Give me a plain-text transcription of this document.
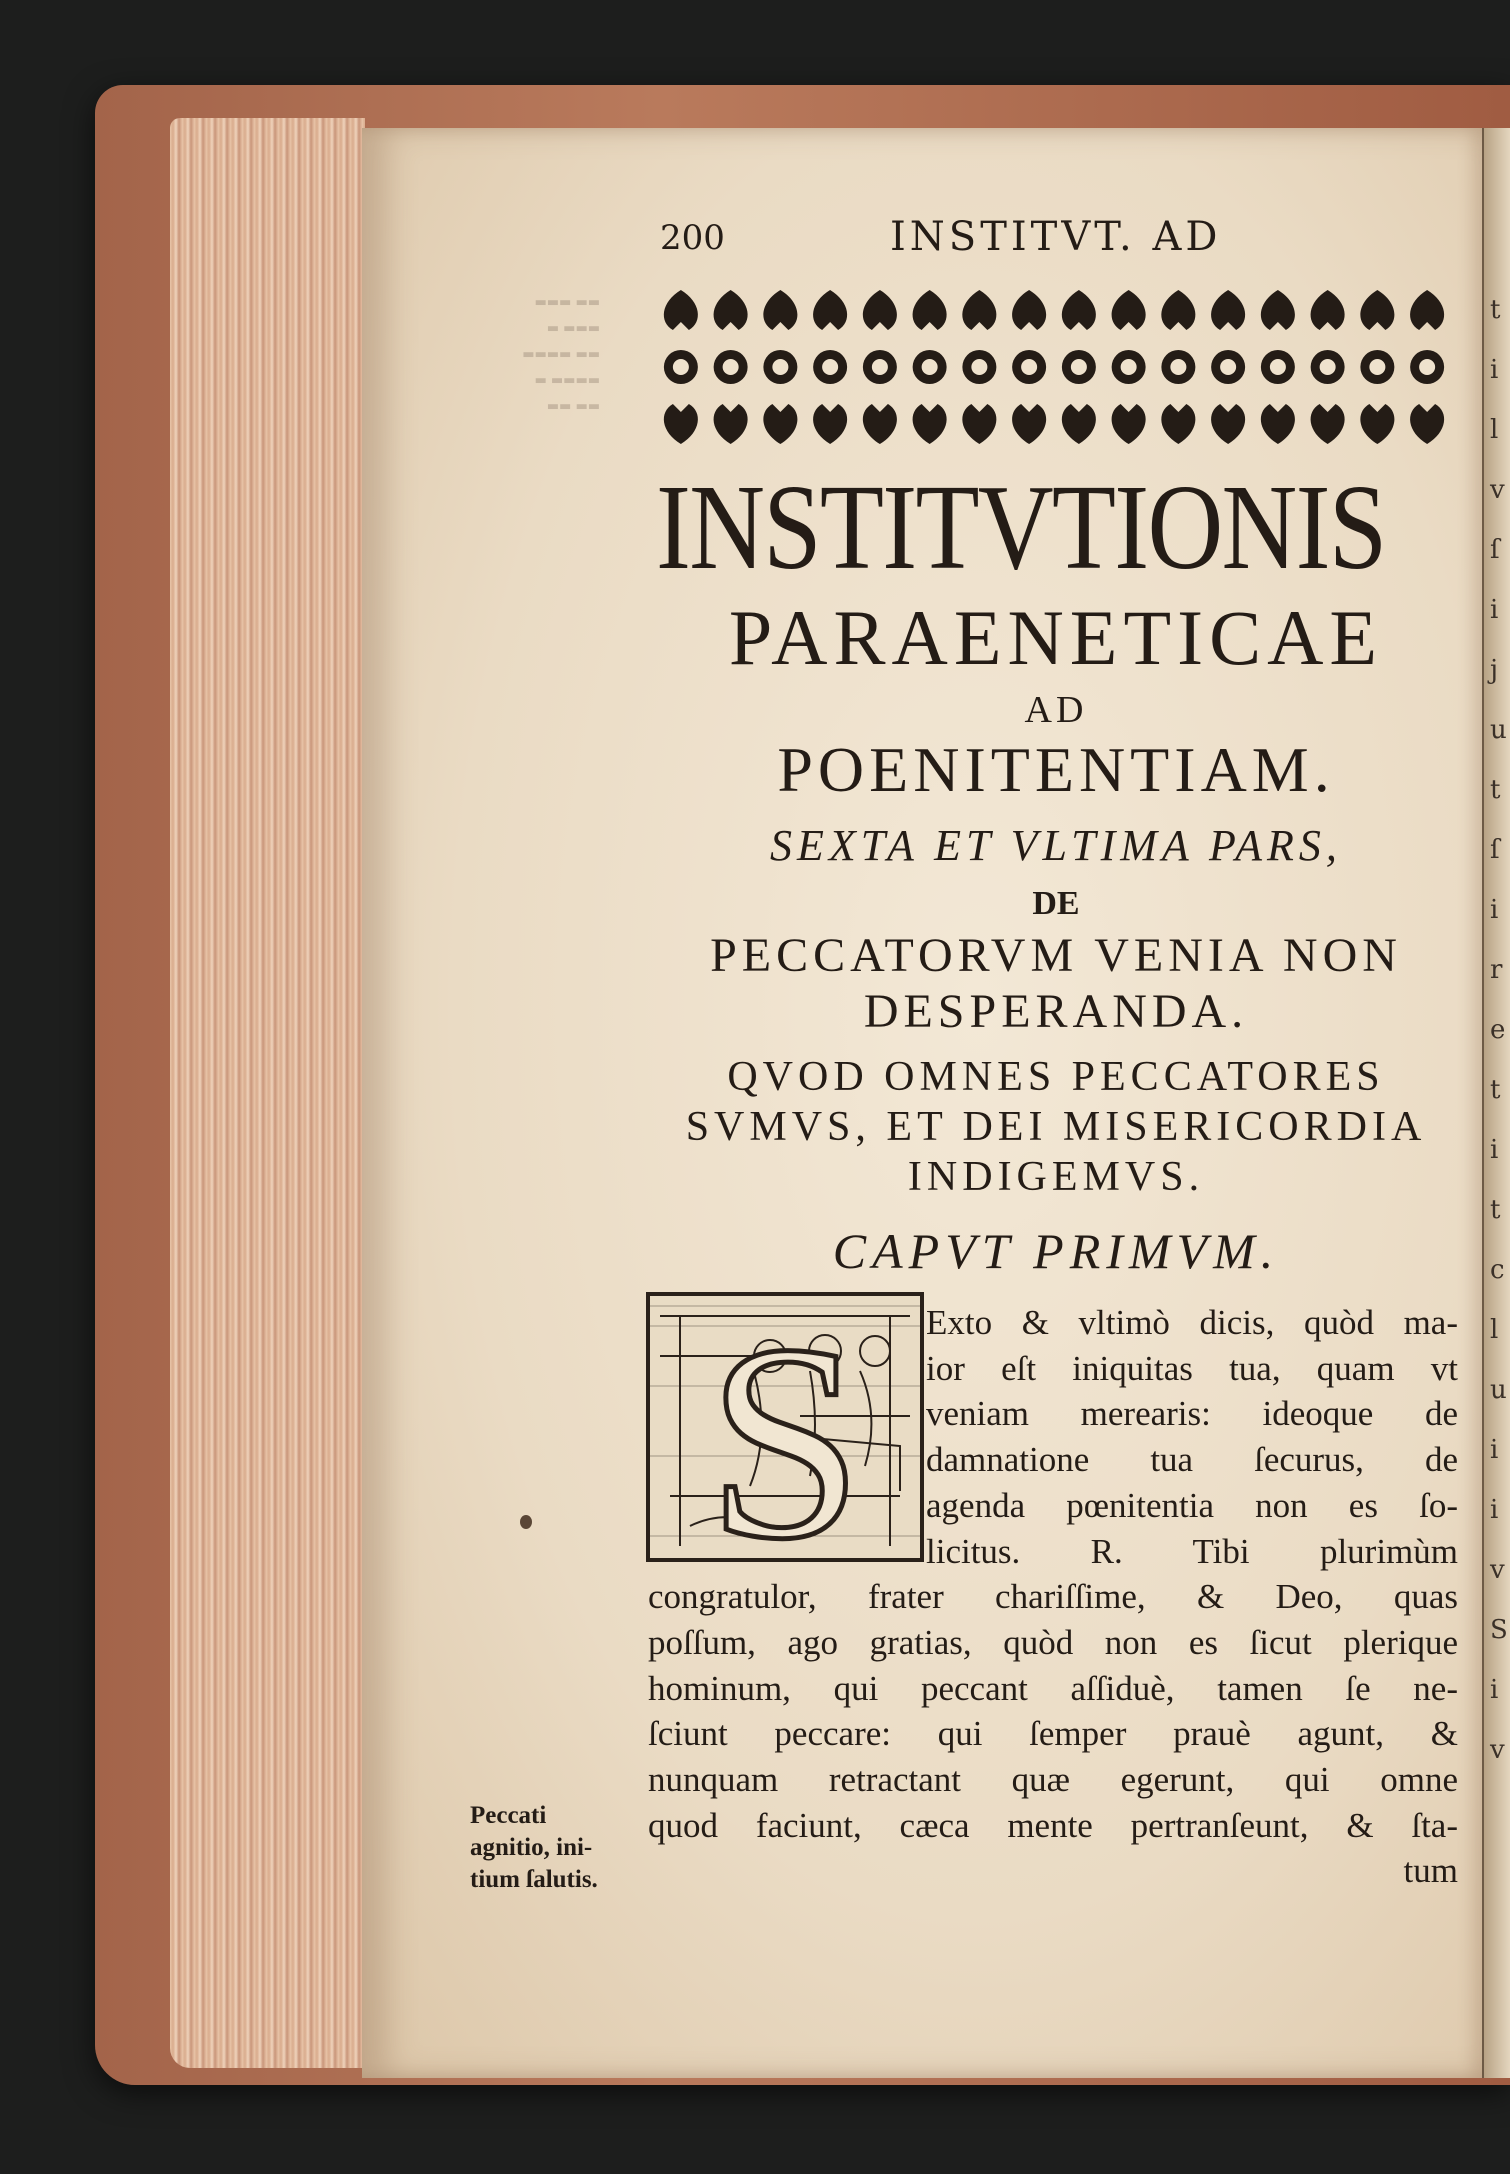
t
i
l
v
ſ
i
j
u
t
ſ
i
r
e
t
i
t
c
l
u
i
i
v
S
i
v
▬▬ ▬▬▬
▬▬▬ ▬
▬▬ ▬▬▬▬
▬▬▬▬ ▬
▬▬ ▬▬
200	INSTITVT. AD
INSTITVTIONIS
PARAENETICAE
AD
POENITENTIAM.
SEXTA ET VLTIMA PARS,
DE
PECCATORVM VENIA NON
DESPERANDA.
QVOD OMNES PECCATORES
SVMVS, ET DEI MISERICORDIA
INDIGEMVS.
CAPVT PRIMVM.
S	Exto & vltimò dicis, quòd ma-
ior eſt iniquitas tua, quam vt
veniam merearis: ideoque de
damnatione tua ſecurus, de
agenda pœnitentia non es ſo-
licitus. R. Tibi plurimùm
congratulor, frater chariſſime, & Deo, quas
poſſum, ago gratias, quòd non es ſicut plerique
hominum, qui peccant aſſiduè, tamen ſe ne-
ſciunt peccare: qui ſemper prauè agunt, &
nunquam retractant quæ egerunt, qui omne
quod faciunt, cæca mente pertranſeunt, & ſta-
tum
Peccati
agnitio, ini-
tium ſalutis.
